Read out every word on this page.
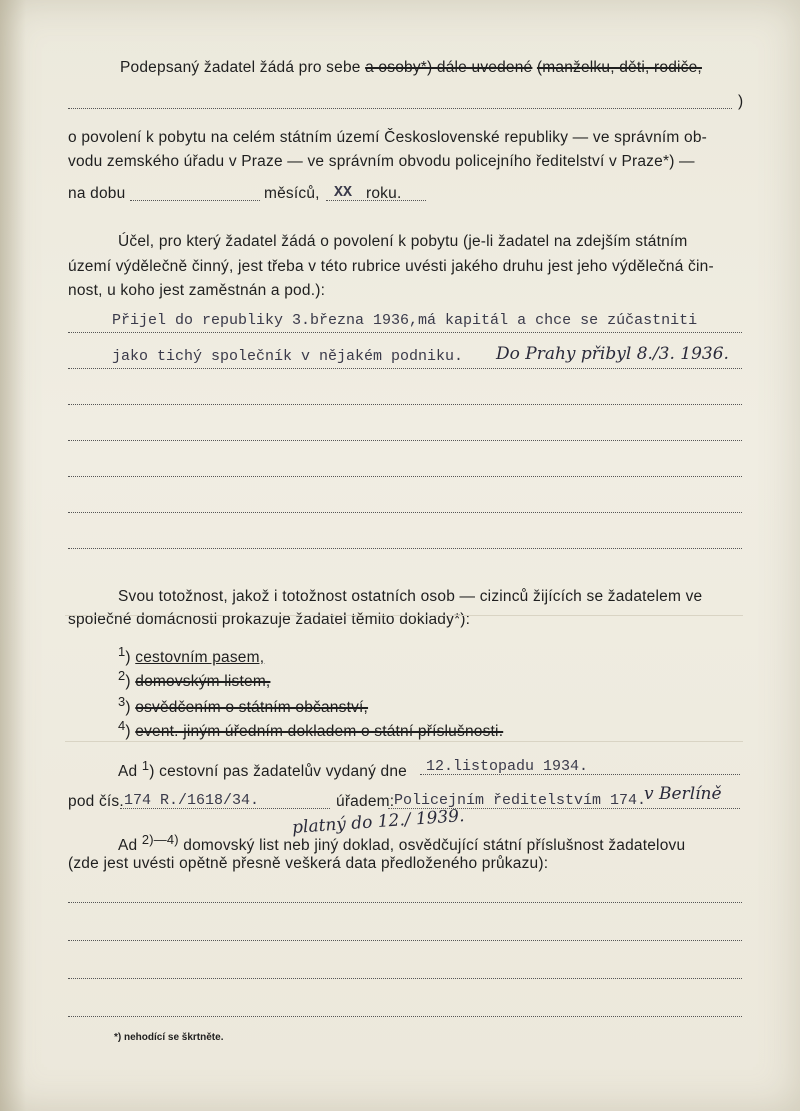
Podepsaný žadatel žádá pro sebe a osoby*) dále uvedené (manželku, děti, rodiče,
)
o povolení k pobytu na celém státním území Československé republiky — ve správním ob-
vodu zemského úřadu v Praze — ve správním obvodu policejního ředitelství v Praze*) —
na dobu	měsíců, XX roku.
Účel, pro který žadatel žádá o povolení k pobytu (je-li žadatel na zdejším státním
území výdělečně činný, jest třeba v této rubrice uvésti jakého druhu jest jeho výdělečná čin-
nost, u koho jest zaměstnán a pod.):
Přijel do republiky 3.března 1936,má kapitál a chce se zúčastniti
jako tichý společník v nějakém podniku. Do Prahy přibyl 8./3. 1936.
Svou totožnost, jakož i totožnost ostatních osob — cizinců žijících se žadatelem ve
společné domácnosti prokazuje žadatel těmito doklady*):
$^1$) cestovním pasem,
$^2$) domovským listem,
$^3$) osvědčením o státním občanství,
$^4$) event. jiným úředním dokladem o státní příslušnosti.
Ad $^1$) cestovní pas žadatelův vydaný dne 12.listopadu 1934.
pod čís. 174 R./1618/34.	úřadem: Policejním ředitelstvím 174.
v Berlíně
platný do 12./ 1939.
Ad $^{2)—4)}$ domovský list neb jiný doklad, osvědčující státní příslušnost žadatelovu
(zde jest uvésti opětně přesně veškerá data předloženého průkazu):
*) nehodící se škrtněte.
